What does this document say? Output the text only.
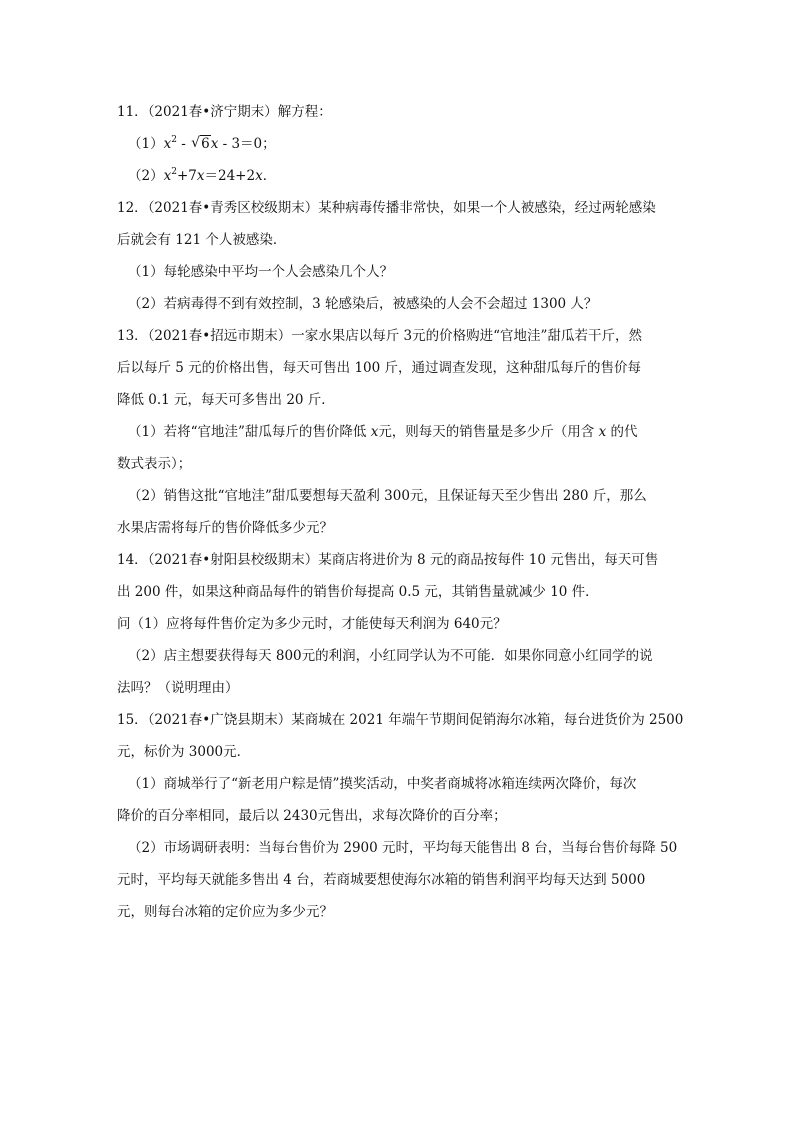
11．（2021春•济宁期末）解方程：
$(1)x^2$ - √ 6x - 3＝0；
$(2)x^2+7x=24+2x$．
12．（2021春•青秀区校级期末）某种病毒传播非常快，如果一个人被感染，经过两轮感染
后就会有 121 个人被感染．
（1）每轮感染中平均一个人会感染几个人？
（2）若病毒得不到有效控制，3 轮感染后，被感染的人会不会超过 1300 人？
13．（2021春•招远市期末）一家水果店以每斤 3元的价格购进“官地洼”甜瓜若干斤，然
后以每斤 5 元的价格出售，每天可售出 100 斤，通过调查发现，这种甜瓜每斤的售价每
降低 0.1 元，每天可多售出 20 斤．
（1）若将“官地洼”甜瓜每斤的售价降低 x元，则每天的销售量是多少斤（用含 x 的代
数式表示）；
（2）销售这批“官地洼”甜瓜要想每天盈利 300元，且保证每天至少售出 280 斤，那么
水果店需将每斤的售价降低多少元？
14．（2021春•射阳县校级期末）某商店将进价为 8 元的商品按每件 10 元售出，每天可售
出 200 件，如果这种商品每件的销售价每提高 0.5 元，其销售量就减少 10 件．
问（1）应将每件售价定为多少元时，才能使每天利润为 640元？
（2）店主想要获得每天 800元的利润，小红同学认为不可能．如果你同意小红同学的说
法吗？（说明理由）
15．（2021春•广饶县期末）某商城在 2021 年端午节期间促销海尔冰箱，每台进货价为 2500
元，标价为 3000元．
（1）商城举行了“新老用户粽是情”摸奖活动，中奖者商城将冰箱连续两次降价，每次
降价的百分率相同，最后以 2430元售出，求每次降价的百分率；
（2）市场调研表明：当每台售价为 2900 元时，平均每天能售出 8 台，当每台售价每降 50
元时，平均每天就能多售出 4 台，若商城要想使海尔冰箱的销售利润平均每天达到 5000
元，则每台冰箱的定价应为多少元？
